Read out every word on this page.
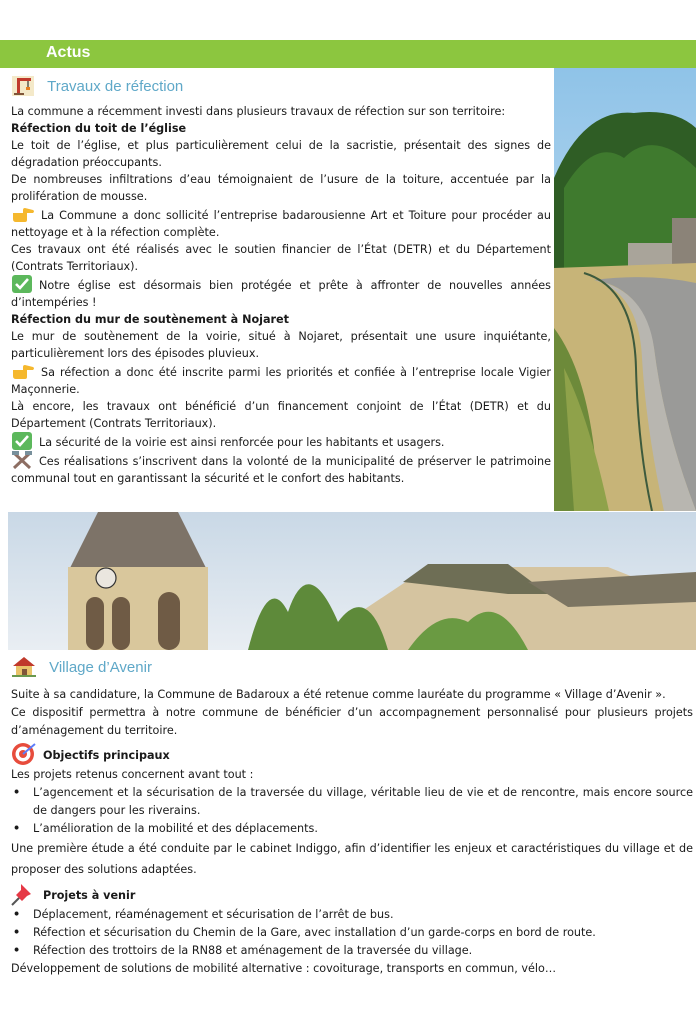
Actus
Travaux de réfection

La commune a récemment investi dans plusieurs travaux de réfection sur son territoire:

Réfection du toit de l’église

Le toit de l’église, et plus particulièrement celui de la sacristie, présentait des signes de dégradation préoccupants.

De nombreuses infiltrations d’eau témoignaient de l’usure de la toiture, accentuée par la prolifération de mousse.

La Commune a donc sollicité l’entreprise badarousienne Art et Toiture pour procéder au nettoyage et à la réfection complète.

Ces travaux ont été réalisés avec le soutien financier de l’État (DETR) et du Département (Contrats Territoriaux).

Notre église est désormais bien protégée et prête à affronter de nouvelles années d’intempéries !

Réfection du mur de soutènement à Nojaret

Le mur de soutènement de la voirie, situé à Nojaret, présentait une usure inquiétante, particulièrement lors des épisodes pluvieux.

Sa réfection a donc été inscrite parmi les priorités et confiée à l’entreprise locale Vigier Maçonnerie.

Là encore, les travaux ont bénéficié d’un financement conjoint de l’État (DETR) et du Département (Contrats Territoriaux).

La sécurité de la voirie est ainsi renforcée pour les habitants et usagers.

Ces réalisations s’inscrivent dans la volonté de la municipalité de préserver le patrimoine communal tout en garantissant la sécurité et le confort des habitants.

Village d’Avenir

Suite à sa candidature, la Commune de Badaroux a été retenue comme lauréate du programme « Village d’Avenir ».

Ce dispositif permettra à notre commune de bénéficier d’un accompagnement personnalisé pour plusieurs projets d’aménagement du territoire.

Objectifs principaux

Les projets retenus concernent avant tout :

• L’agencement et la sécurisation de la traversée du village, véritable lieu de vie et de rencontre, mais encore source de dangers pour les riverains.
• L’amélioration de la mobilité et des déplacements.

Une première étude a été conduite par le cabinet Indiggo, afin d’identifier les enjeux et caractéristiques du village et de proposer des solutions adaptées.

Projets à venir

• Déplacement, réaménagement et sécurisation de l’arrêt de bus.
• Réfection et sécurisation du Chemin de la Gare, avec installation d’un garde-corps en bord de route.
• Réfection des trottoirs de la RN88 et aménagement de la traversée du village.

Développement de solutions de mobilité alternative : covoiturage, transports en commun, vélo…
